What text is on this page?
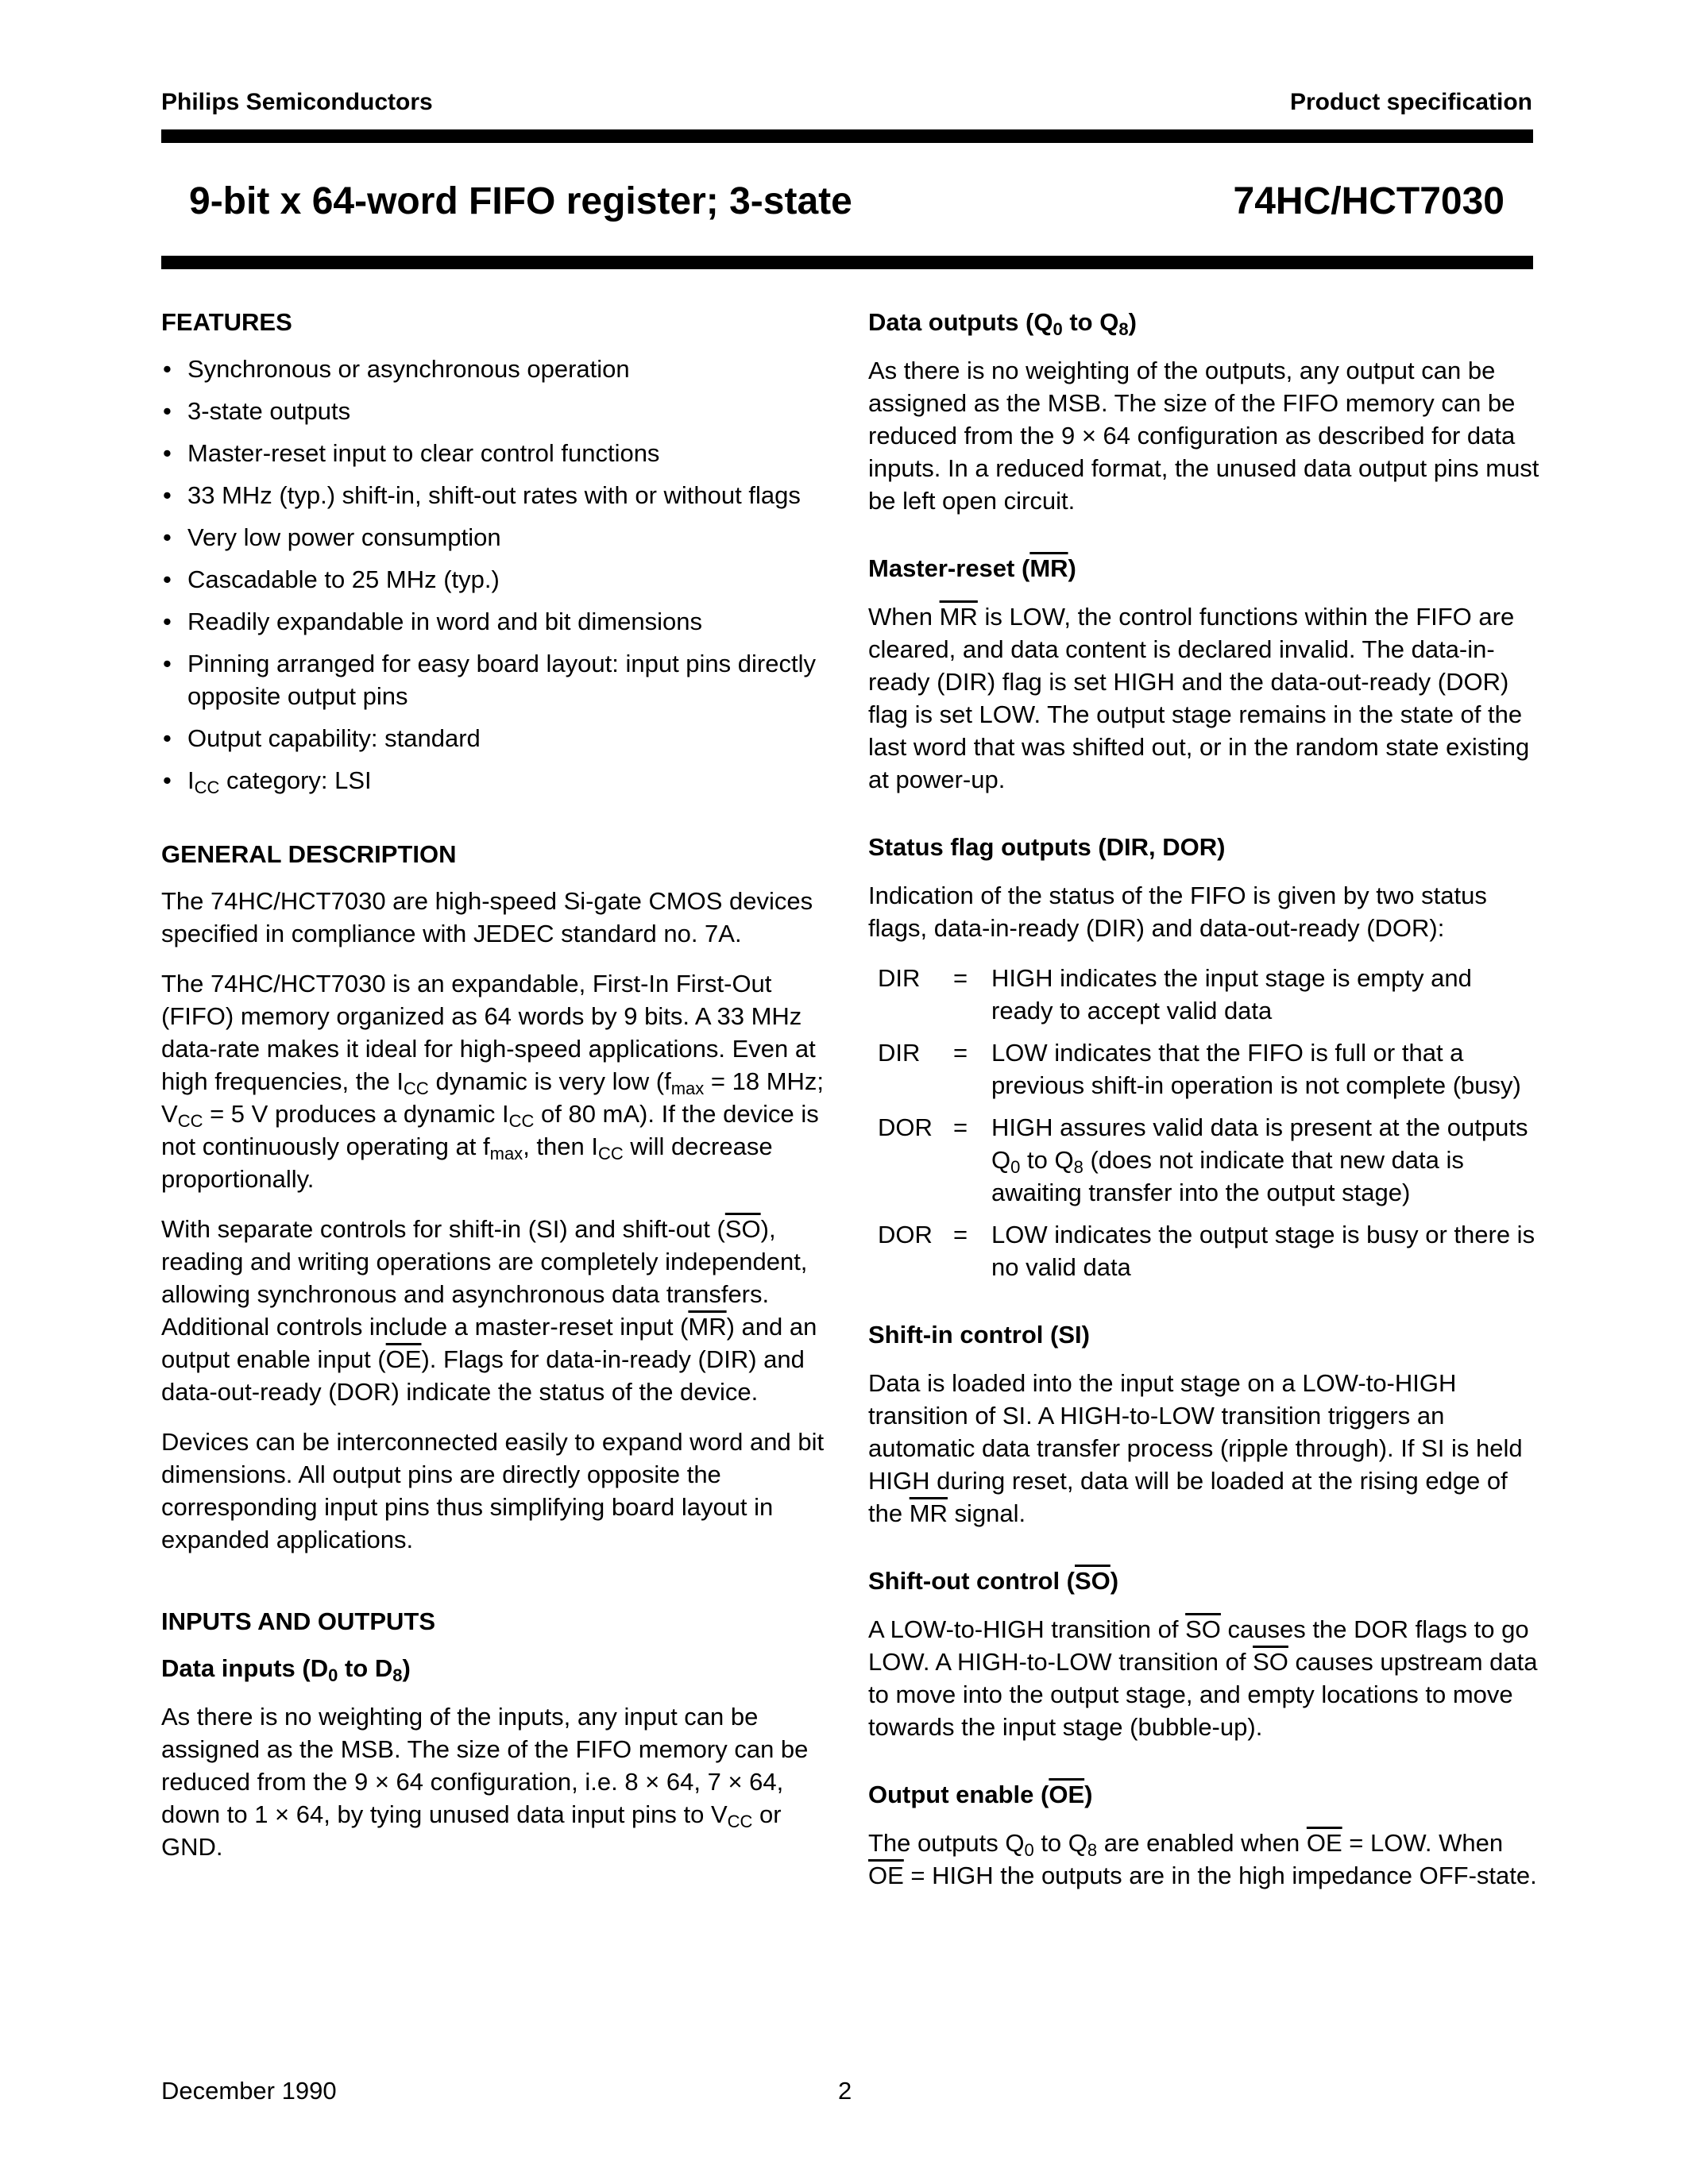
Philips Semiconductors	Product specification
9-bit x 64-word FIFO register; 3-state	74HC/HCT7030
FEATURES
• Synchronous or asynchronous operation
• 3-state outputs
• Master-reset input to clear control functions
• 33 MHz (typ.) shift-in, shift-out rates with or without flags
• Very low power consumption
• Cascadable to 25 MHz (typ.)
• Readily expandable in word and bit dimensions
• Pinning arranged for easy board layout: input pins directly opposite output pins
• Output capability: standard
• $I_{CC}$ category: LSI
GENERAL DESCRIPTION

The 74HC/HCT7030 are high-speed Si-gate CMOS devices specified in compliance with JEDEC standard no. 7A.

The 74HC/HCT7030 is an expandable, First-In First-Out (FIFO) memory organized as 64 words by 9 bits. A 33 MHz data-rate makes it ideal for high-speed applications. Even at high frequencies, the $I_{CC}$ dynamic is very low ($f_{max} = 18$ MHz; $V_{CC} = 5$ V produces a dynamic $I_{CC}$ of 80 mA). If the device is not continuously operating at $f_{max}$, then $I_{CC}$ will decrease proportionally.

With separate controls for shift-in (SI) and shift-out $(\overline{SO})$, reading and writing operations are completely independent, allowing synchronous and asynchronous data transfers. Additional controls include a master-reset input $(\overline{MR})$ and an output enable input $(\overline{OE})$. Flags for data-in-ready (DIR) and data-out-ready (DOR) indicate the status of the device.

Devices can be interconnected easily to expand word and bit dimensions. All output pins are directly opposite the corresponding input pins thus simplifying board layout in expanded applications.

INPUTS AND OUTPUTS
Data inputs ($D_0$ to $D_8$)

As there is no weighting of the inputs, any input can be assigned as the MSB. The size of the FIFO memory can be reduced from the 9 × 64 configuration, i.e. 8 × 64, 7 × 64, down to 1 × 64, by tying unused data input pins to $V_{CC}$ or GND.

Data outputs ($Q_0$ to $Q_8$)

As there is no weighting of the outputs, any output can be assigned as the MSB. The size of the FIFO memory can be reduced from the 9 × 64 configuration as described for data inputs. In a reduced format, the unused data output pins must be left open circuit.

Master-reset $(\overline{MR})$

When $\overline{MR}$ is LOW, the control functions within the FIFO are cleared, and data content is declared invalid. The data-in-ready (DIR) flag is set HIGH and the data-out-ready (DOR) flag is set LOW. The output stage remains in the state of the last word that was shifted out, or in the random state existing at power-up.

Status flag outputs (DIR, DOR)

Indication of the status of the FIFO is given by two status flags, data-in-ready (DIR) and data-out-ready (DOR):

DIR	= HIGH indicates the input stage is empty and ready to accept valid data
DIR	= LOW indicates that the FIFO is full or that a previous shift-in operation is not complete (busy)
DOR = HIGH assures valid data is present at the outputs $Q_0$ to $Q_8$ (does not indicate that new data is awaiting transfer into the output stage)
DOR = LOW indicates the output stage is busy or there is no valid data
Shift-in control (SI)

Data is loaded into the input stage on a LOW-to-HIGH transition of SI. A HIGH-to-LOW transition triggers an automatic data transfer process (ripple through). If SI is held HIGH during reset, data will be loaded at the rising edge of the $\overline{MR}$ signal.

Shift-out control $(\overline{SO})$

A LOW-to-HIGH transition of $\overline{SO}$ causes the DOR flags to go LOW. A HIGH-to-LOW transition of $\overline{SO}$ causes upstream data to move into the output stage, and empty locations to move towards the input stage (bubble-up).

Output enable $(\overline{OE})$

The outputs $Q_0$ to $Q_8$ are enabled when $\overline{OE}$ = LOW. When $\overline{OE}$ = HIGH the outputs are in the high impedance OFF-state.

December 1990	2
